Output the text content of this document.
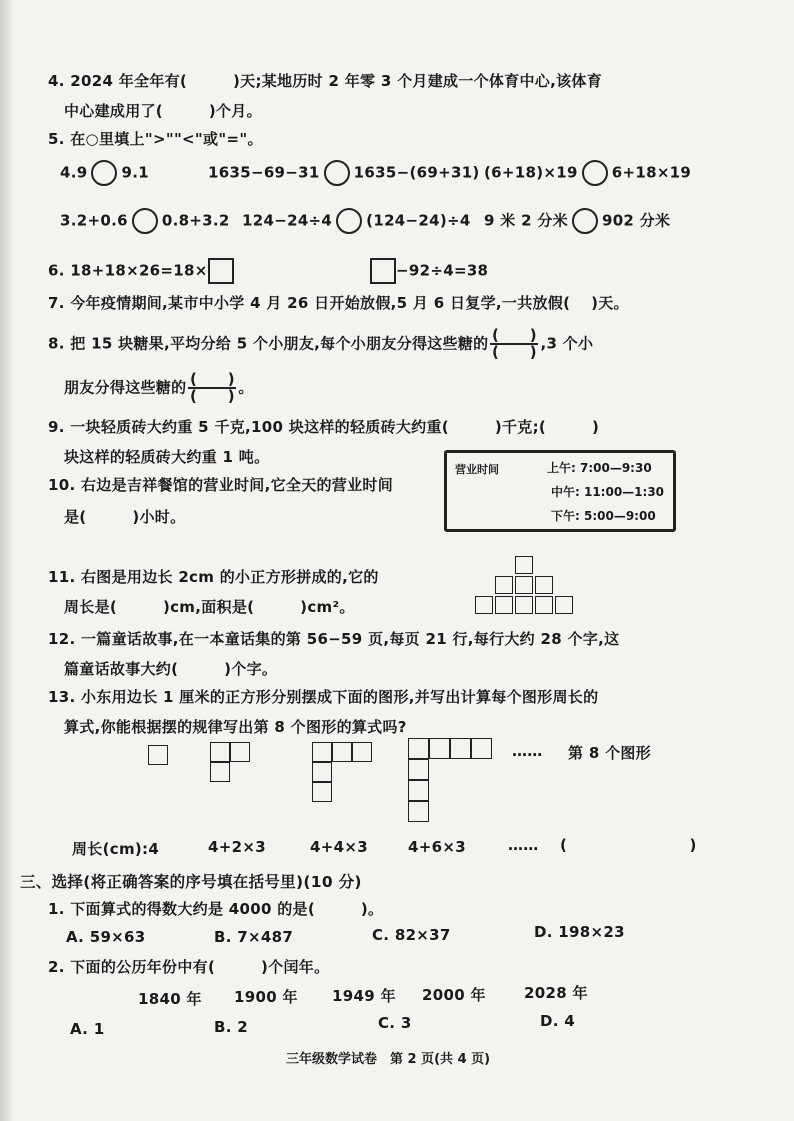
4. 2024 年全年有(　　　)天;某地历时 2 年零 3 个月建成一个体育中心,该体育
中心建成用了(　　　)个月。
5. 在○里填上">""<"或"="。
4.9 9.1	1635−69−31 1635−(69+31) (6+18)×19 6+18×19
3.2+0.6 0.8+3.2 124−24÷4 (124−24)÷4 9 米 2 分米 902 分米
6. 18+18×26=18×	−92÷4=38
7. 今年疫情期间,某市中小学 4 月 26 日开始放假,5 月 6 日复学,一共放假(　 )天。
8. 把 15 块糖果,平均分给 5 个小朋友,每个小朋友分得这些糖的 $\frac{( )}{( )} ,3$ 个小
朋友分得这些糖的 $\frac{( )}{( )}$ 。
9. 一块轻质砖大约重 5 千克,100 块这样的轻质砖大约重(　　　)千克;(　　　)
块这样的轻质砖大约重 1 吨。
10. 右边是吉祥餐馆的营业时间,它全天的营业时间
是(　　　)小时。
营业时间	上午: 7:00—9:30
中午: 11:00—1:30
下午: 5:00—9:00
11. 右图是用边长 2cm 的小正方形拼成的,它的
周长是(　　　)cm,面积是(　　　)cm²。
12. 一篇童话故事,在一本童话集的第 56−59 页,每页 21 行,每行大约 28 个字,这
篇童话故事大约(　　　)个字。
13. 小东用边长 1 厘米的正方形分别摆成下面的图形,并写出计算每个图形周长的
算式,你能根据摆的规律写出第 8 个图形的算式吗?
…… 第 8 个图形
周长(cm):4	4+2×3	4+4×3	4+6×3	…… (　　　　　　　　)
三、选择(将正确答案的序号填在括号里)(10 分)
1. 下面算式的得数大约是 4000 的是(　　　)。
A. 59×63	B. 7×487	C. 82×37	D. 198×23
2. 下面的公历年份中有(　　　)个闰年。
1840 年 1900 年 1949 年 2000 年	2028 年
A. 1	B. 2	C. 3	D. 4
三年级数学试卷　第 2 页(共 4 页)
